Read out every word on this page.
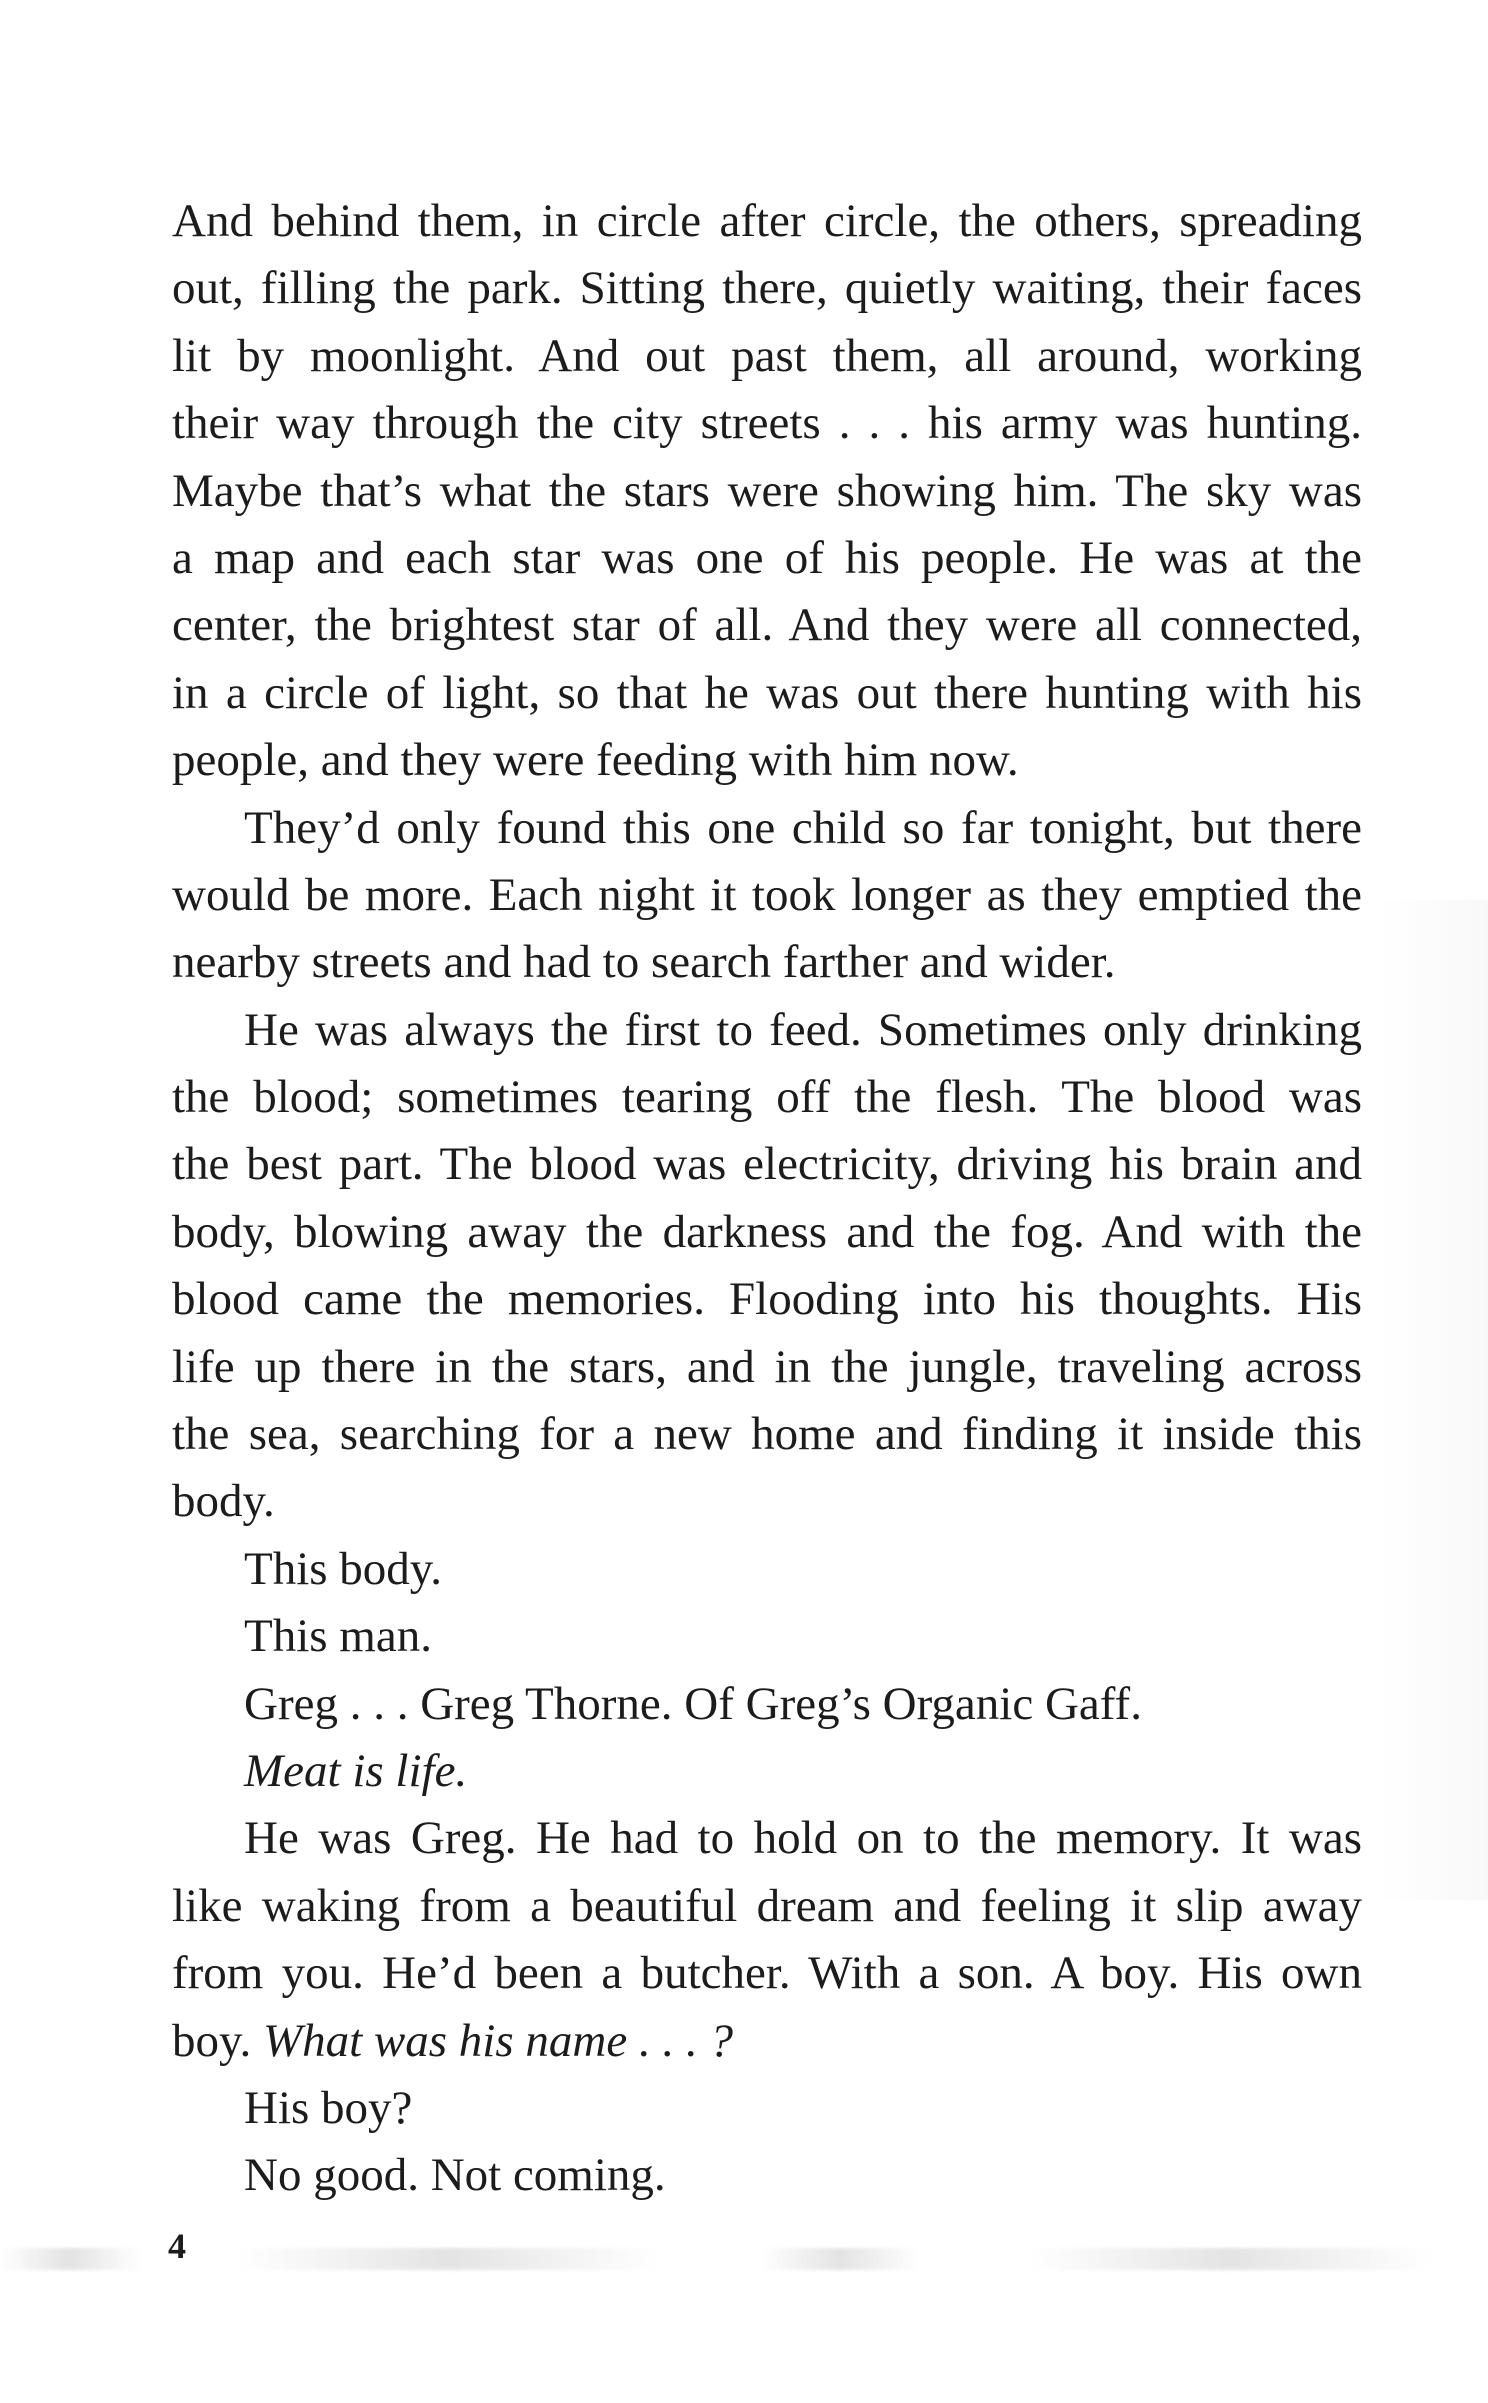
And behind them, in circle after circle, the others, spreading
out, filling the park. Sitting there, quietly waiting, their faces
lit by moonlight. And out past them, all around, working
their way through the city streets . . . his army was hunting.
Maybe that’s what the stars were showing him. The sky was
a map and each star was one of his people. He was at the
center, the brightest star of all. And they were all connected,
in a circle of light, so that he was out there hunting with his
people, and they were feeding with him now.
They’d only found this one child so far tonight, but there
would be more. Each night it took longer as they emptied the
nearby streets and had to search farther and wider.
He was always the first to feed. Sometimes only drinking
the blood; sometimes tearing off the flesh. The blood was
the best part. The blood was electricity, driving his brain and
body, blowing away the darkness and the fog. And with the
blood came the memories. Flooding into his thoughts. His
life up there in the stars, and in the jungle, traveling across
the sea, searching for a new home and finding it inside this
body.
This body.
This man.
Greg . . . Greg Thorne. Of Greg’s Organic Gaff.
Meat is life.
He was Greg. He had to hold on to the memory. It was
like waking from a beautiful dream and feeling it slip away
from you. He’d been a butcher. With a son. A boy. His own
boy. What was his name . . . ?
His boy?
No good. Not coming.
4
